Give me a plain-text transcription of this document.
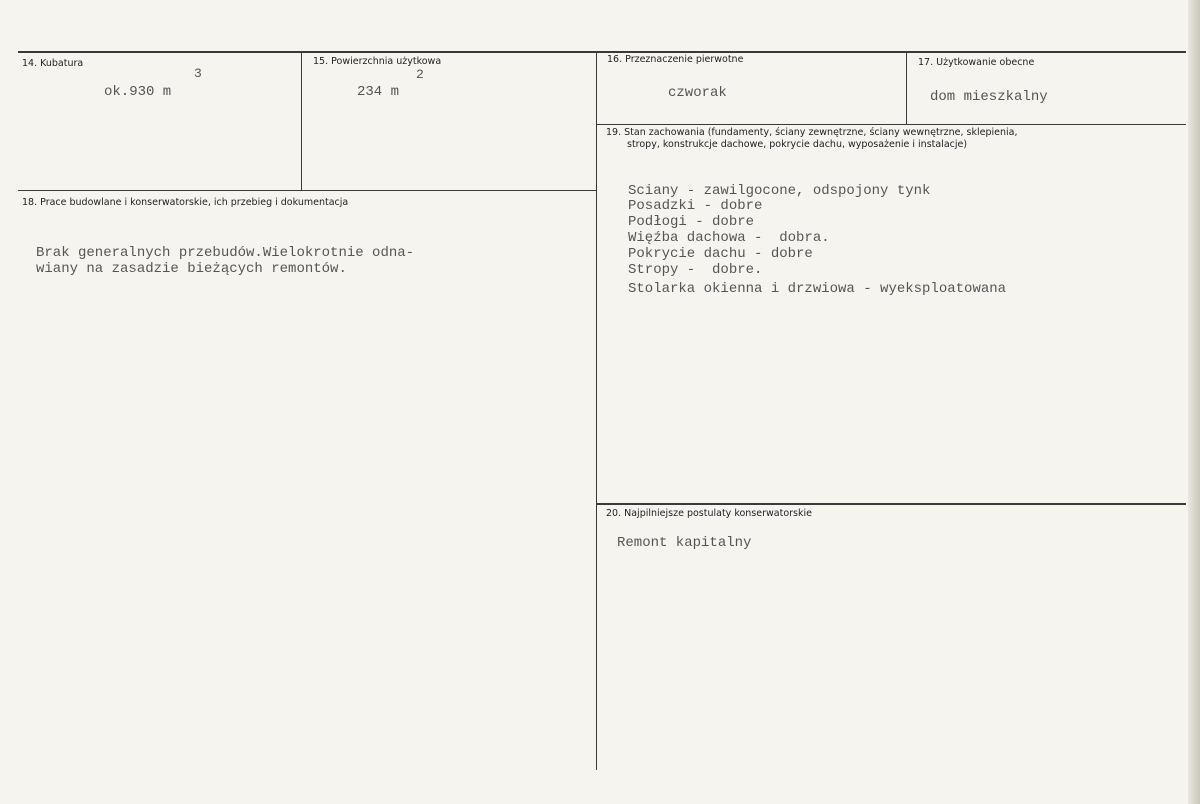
14. Kubatura
3
ok.930 m
15. Powierzchnia użytkowa
2
234 m
16. Przeznaczenie pierwotne
czworak
17. Użytkowanie obecne
dom mieszkalny
18. Prace budowlane i konserwatorskie, ich przebieg i dokumentacja
Brak generalnych przebudów.Wielokrotnie odna-
wiany na zasadzie bieżących remontów.
19. Stan zachowania (fundamenty, ściany zewnętrzne, ściany wewnętrzne, sklepienia,
stropy, konstrukcje dachowe, pokrycie dachu, wyposażenie i instalacje)
Sciany - zawilgocone, odspojony tynk
Posadzki - dobre
Podłogi - dobre
Więźba dachowa -  dobra.
Pokrycie dachu - dobre
Stropy -  dobre.
Stolarka okienna i drzwiowa - wyeksploatowana
20. Najpilniejsze postulaty konserwatorskie
Remont kapitalny
